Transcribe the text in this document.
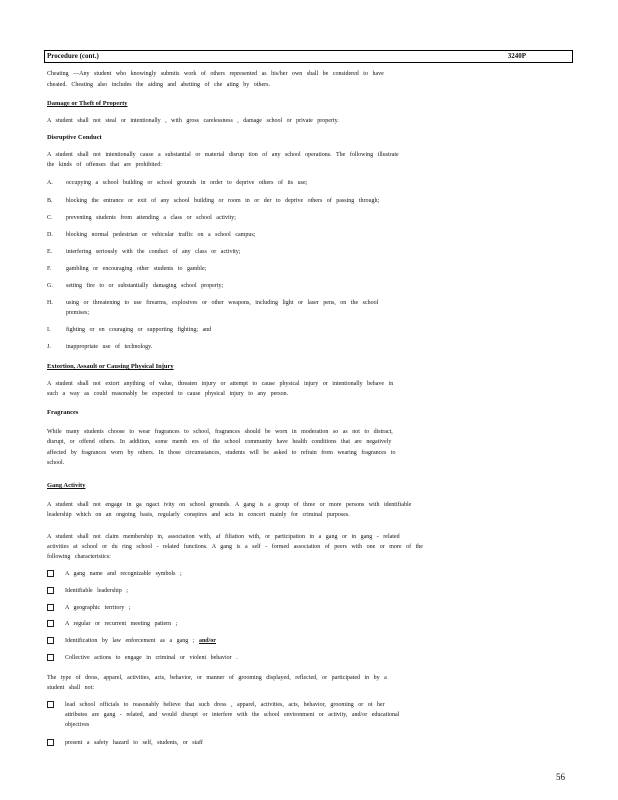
Procedure (cont.)	3240P
Cheating —Any student who knowingly submits work of others represented as his/her own shall be considered to have
cheated. Cheating also includes the aiding and abetting of che ating by others.
Damage or Theft of Property
A student shall not steal or intentionally , with gross carelessness , damage school or private property.
Disruptive Conduct
A student shall not intentionally cause a substantial or material disrup tion of any school operations. The following illustrate
the kinds of offenses that are prohibited:
A. occupying a school building or school grounds in order to deprive others of its use;
B. blocking the entrance or exit of any school building or room in or der to deprive others of passing through;
C. preventing students from attending a class or school activity;
D. blocking normal pedestrian or vehicular traffic on a school campus;
E. interfering seriously with the conduct of any class or activity;
F. gambling or encouraging other students to gamble;
G. setting fire to or substantially damaging school property;
H. using or threatening to use firearms, explosives or other weapons, including light or laser pens, on the school
premises;
I.	fighting or en couraging or supporting fighting; and
J.	inappropriate use of technology.
Extortion, Assault or Causing Physical Injury
A student shall not extort anything of value, threaten injury or attempt to cause physical injury or intentionally behave in
such a way as could reasonably be expected to cause physical injury to any person.
Fragrances
While many students choose to wear fragrances to school, fragrances should be worn in moderation so as not to distract,
disrupt, or offend others. In addition, some memb ers of the school community have health conditions that are negatively
affected by fragrances worn by others. In those circumstances, students will be asked to refrain from wearing fragrances to
school.
Gang Activity
A student shall not engage in ga ngact ivity on school grounds. A gang is a group of three or more persons with identifiable
leadership which on an ongoing basis, regularly conspires and acts in concert mainly for criminal purposes.
A student shall not claim membership in, association with, af filiation with, or participation in a gang or in gang - related
activities at school or du ring school - related functions. A gang is a self - formed association of peers with one or more of the
following characteristics:
A gang name and recognizable symbols ;
Identifiable leadership ;
A geographic territory ;
A regular or recurrent meeting pattern ;
Identification by law enforcement as a gang ; and/or
Collective actions to engage in criminal or violent behavior .
The type of dress, apparel, activities, acts, behavior, or manner of grooming displayed, reflected, or participated in by a
student shall not:
lead school officials to reasonably believe that such dress , apparel, activities, acts, behavior, grooming or ot her
attributes are gang - related, and would disrupt or interfere with the school environment or activity, and/or educational
objectives
present a safety hazard to self, students, or staff
56
